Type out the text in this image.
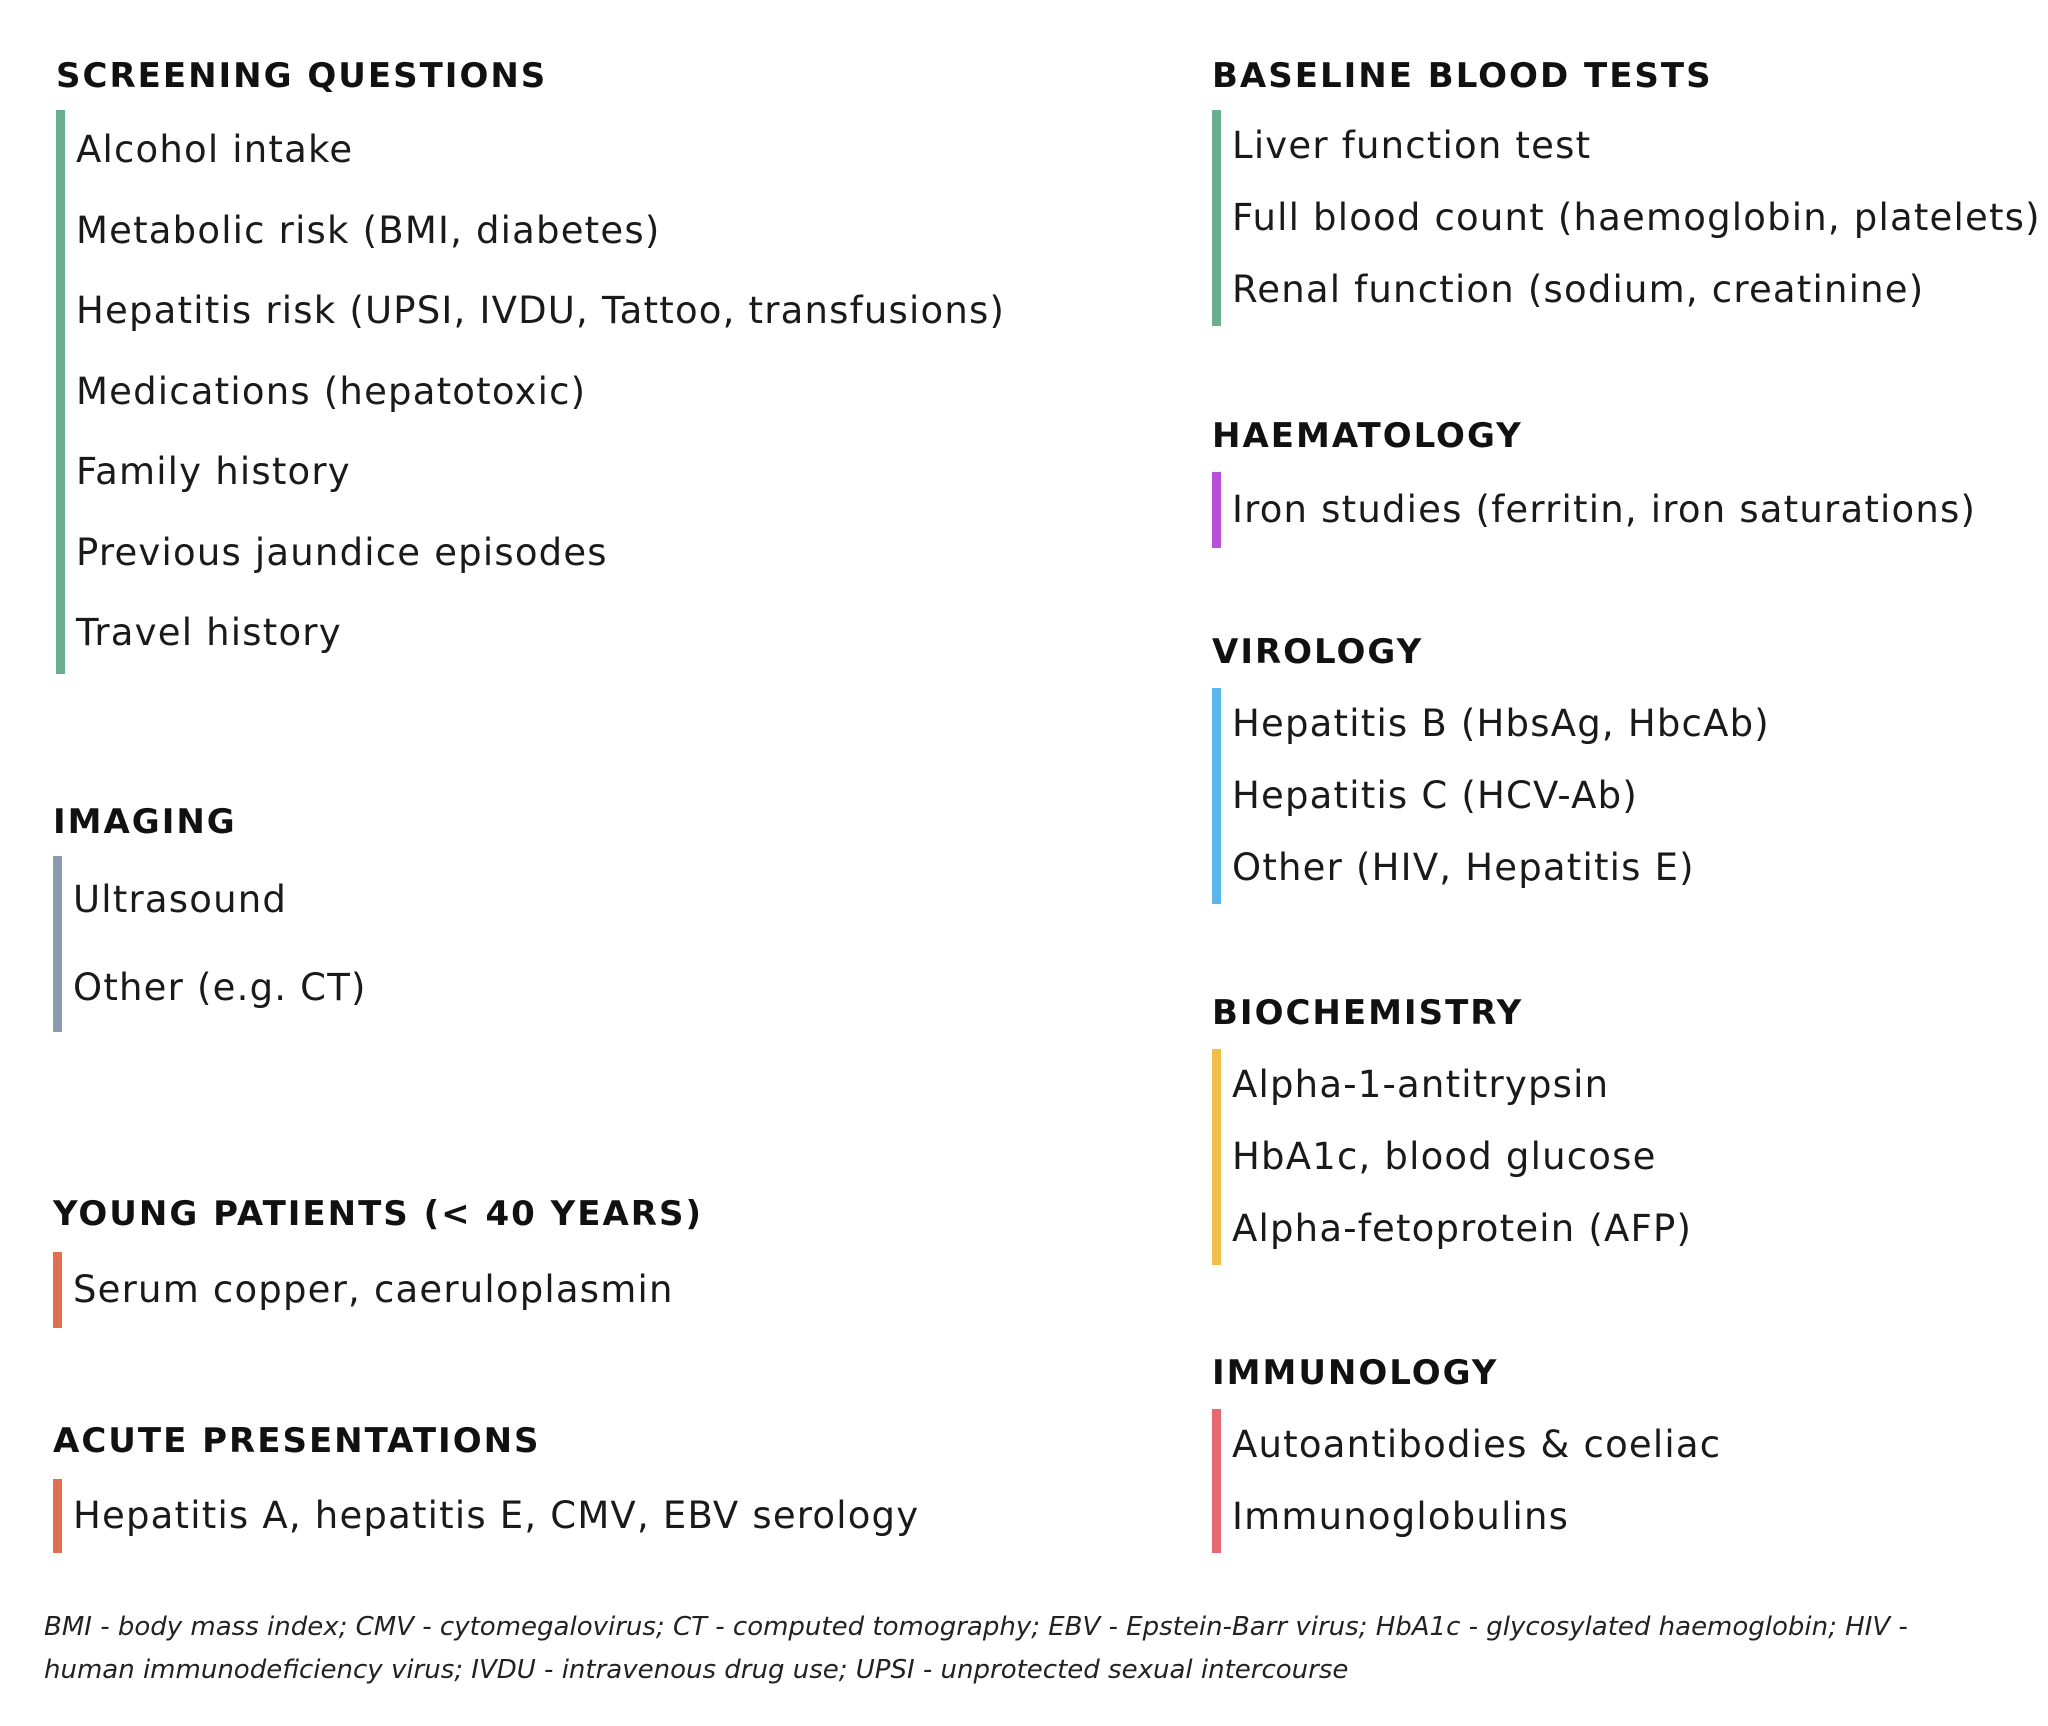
SCREENING QUESTIONS
Alcohol intake
Metabolic risk (BMI, diabetes)
Hepatitis risk (UPSI, IVDU, Tattoo, transfusions)
Medications (hepatotoxic)
Family history
Previous jaundice episodes
Travel history
IMAGING
Ultrasound
Other (e.g. CT)
YOUNG PATIENTS (< 40 YEARS)
Serum copper, caeruloplasmin
ACUTE PRESENTATIONS
Hepatitis A, hepatitis E, CMV, EBV serology
BASELINE BLOOD TESTS
Liver function test
Full blood count (haemoglobin, platelets)
Renal function (sodium, creatinine)
HAEMATOLOGY
Iron studies (ferritin, iron saturations)
VIROLOGY
Hepatitis B (HbsAg, HbcAb)
Hepatitis C (HCV-Ab)
Other (HIV, Hepatitis E)
BIOCHEMISTRY
Alpha-1-antitrypsin
HbA1c, blood glucose
Alpha-fetoprotein (AFP)
IMMUNOLOGY
Autoantibodies & coeliac
Immunoglobulins
BMI - body mass index; CMV - cytomegalovirus; CT - computed tomography; EBV - Epstein-Barr virus; HbA1c - glycosylated haemoglobin; HIV - human immunodeficiency virus; IVDU - intravenous drug use; UPSI - unprotected sexual intercourse
